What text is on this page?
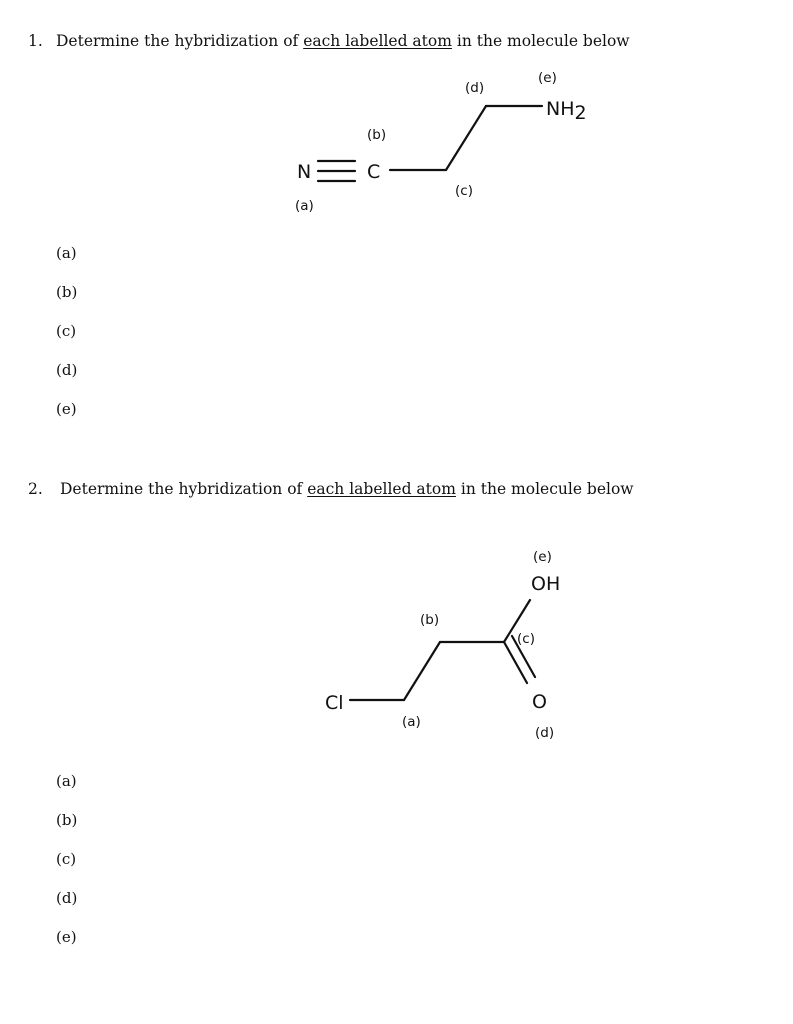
1. Determine the hybridization of each labelled atom in the molecule below
2. Determine the hybridization of each labelled atom in the molecule below
N	C
NH2
(a)
(b)
(c)
(d)
(e)
Cl
OH
O
(a)
(b)
(c)
(d)
(e)
(a)
(b)
(c)
(d)
(e)
(a)
(b)
(c)
(d)
(e)
